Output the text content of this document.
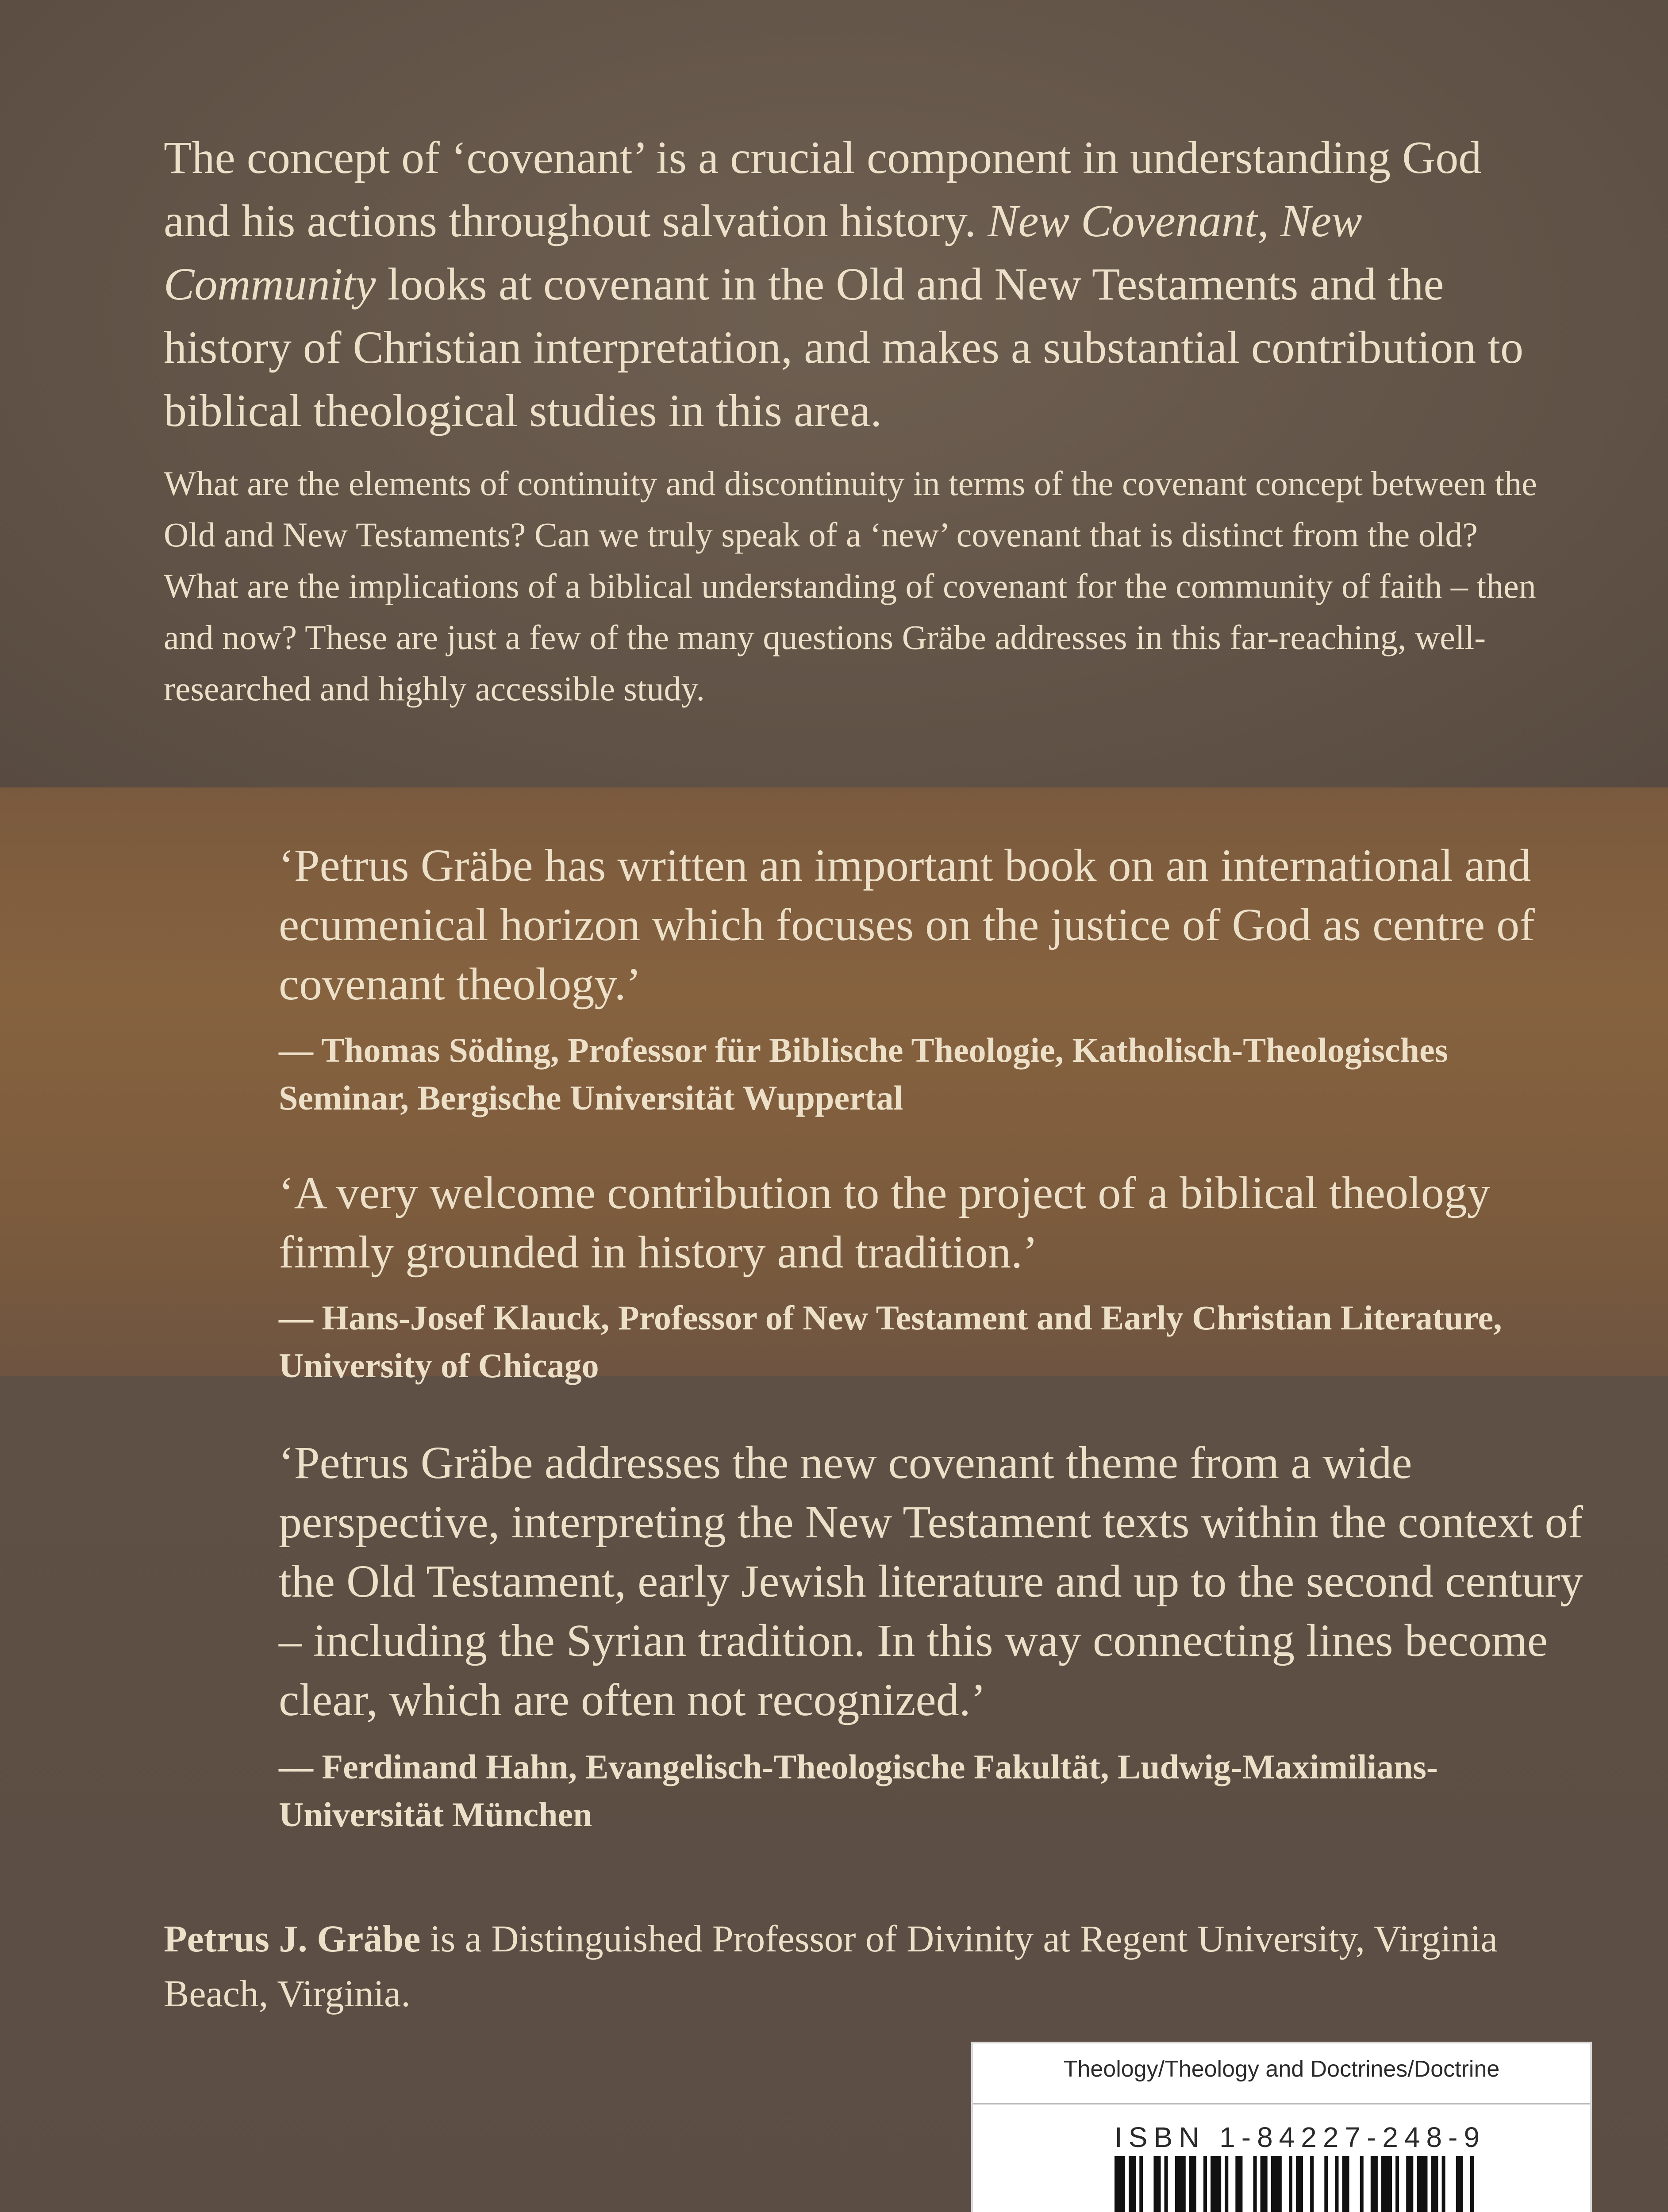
The concept of ‘covenant’ is a crucial component in understanding God and his actions throughout salvation history. New Covenant, New Community looks at covenant in the Old and New Testaments and the history of Christian interpretation, and makes a substantial contribution to biblical theological studies in this area.

What are the elements of continuity and discontinuity in terms of the covenant concept between the Old and New Testaments? Can we truly speak of a ‘new’ covenant that is distinct from the old? What are the implications of a biblical understanding of covenant for the community of faith – then and now? These are just a few of the many questions Gräbe addresses in this far-reaching, well-researched and highly accessible study.

‘Petrus Gräbe has written an important book on an international and ecumenical horizon which focuses on the justice of God as centre of covenant theology.’

— Thomas Söding, Professor für Biblische Theologie, Katholisch-Theologisches Seminar, Bergische Universität Wuppertal

‘A very welcome contribution to the project of a biblical theology firmly grounded in history and tradition.’

— Hans-Josef Klauck, Professor of New Testament and Early Christian Literature, University of Chicago

‘Petrus Gräbe addresses the new covenant theme from a wide perspective, interpreting the New Testament texts within the context of the Old Testament, early Jewish literature and up to the second century – including the Syrian tradition. In this way connecting lines become clear, which are often not recognized.’

— Ferdinand Hahn, Evangelisch-Theologische Fakultät, Ludwig-Maximilians-Universität München

Petrus J. Gräbe is a Distinguished Professor of Divinity at Regent University, Virginia Beach, Virginia.

Theology/Theology and Doctrines/Doctrine
ISBN 1-84227-248-9
